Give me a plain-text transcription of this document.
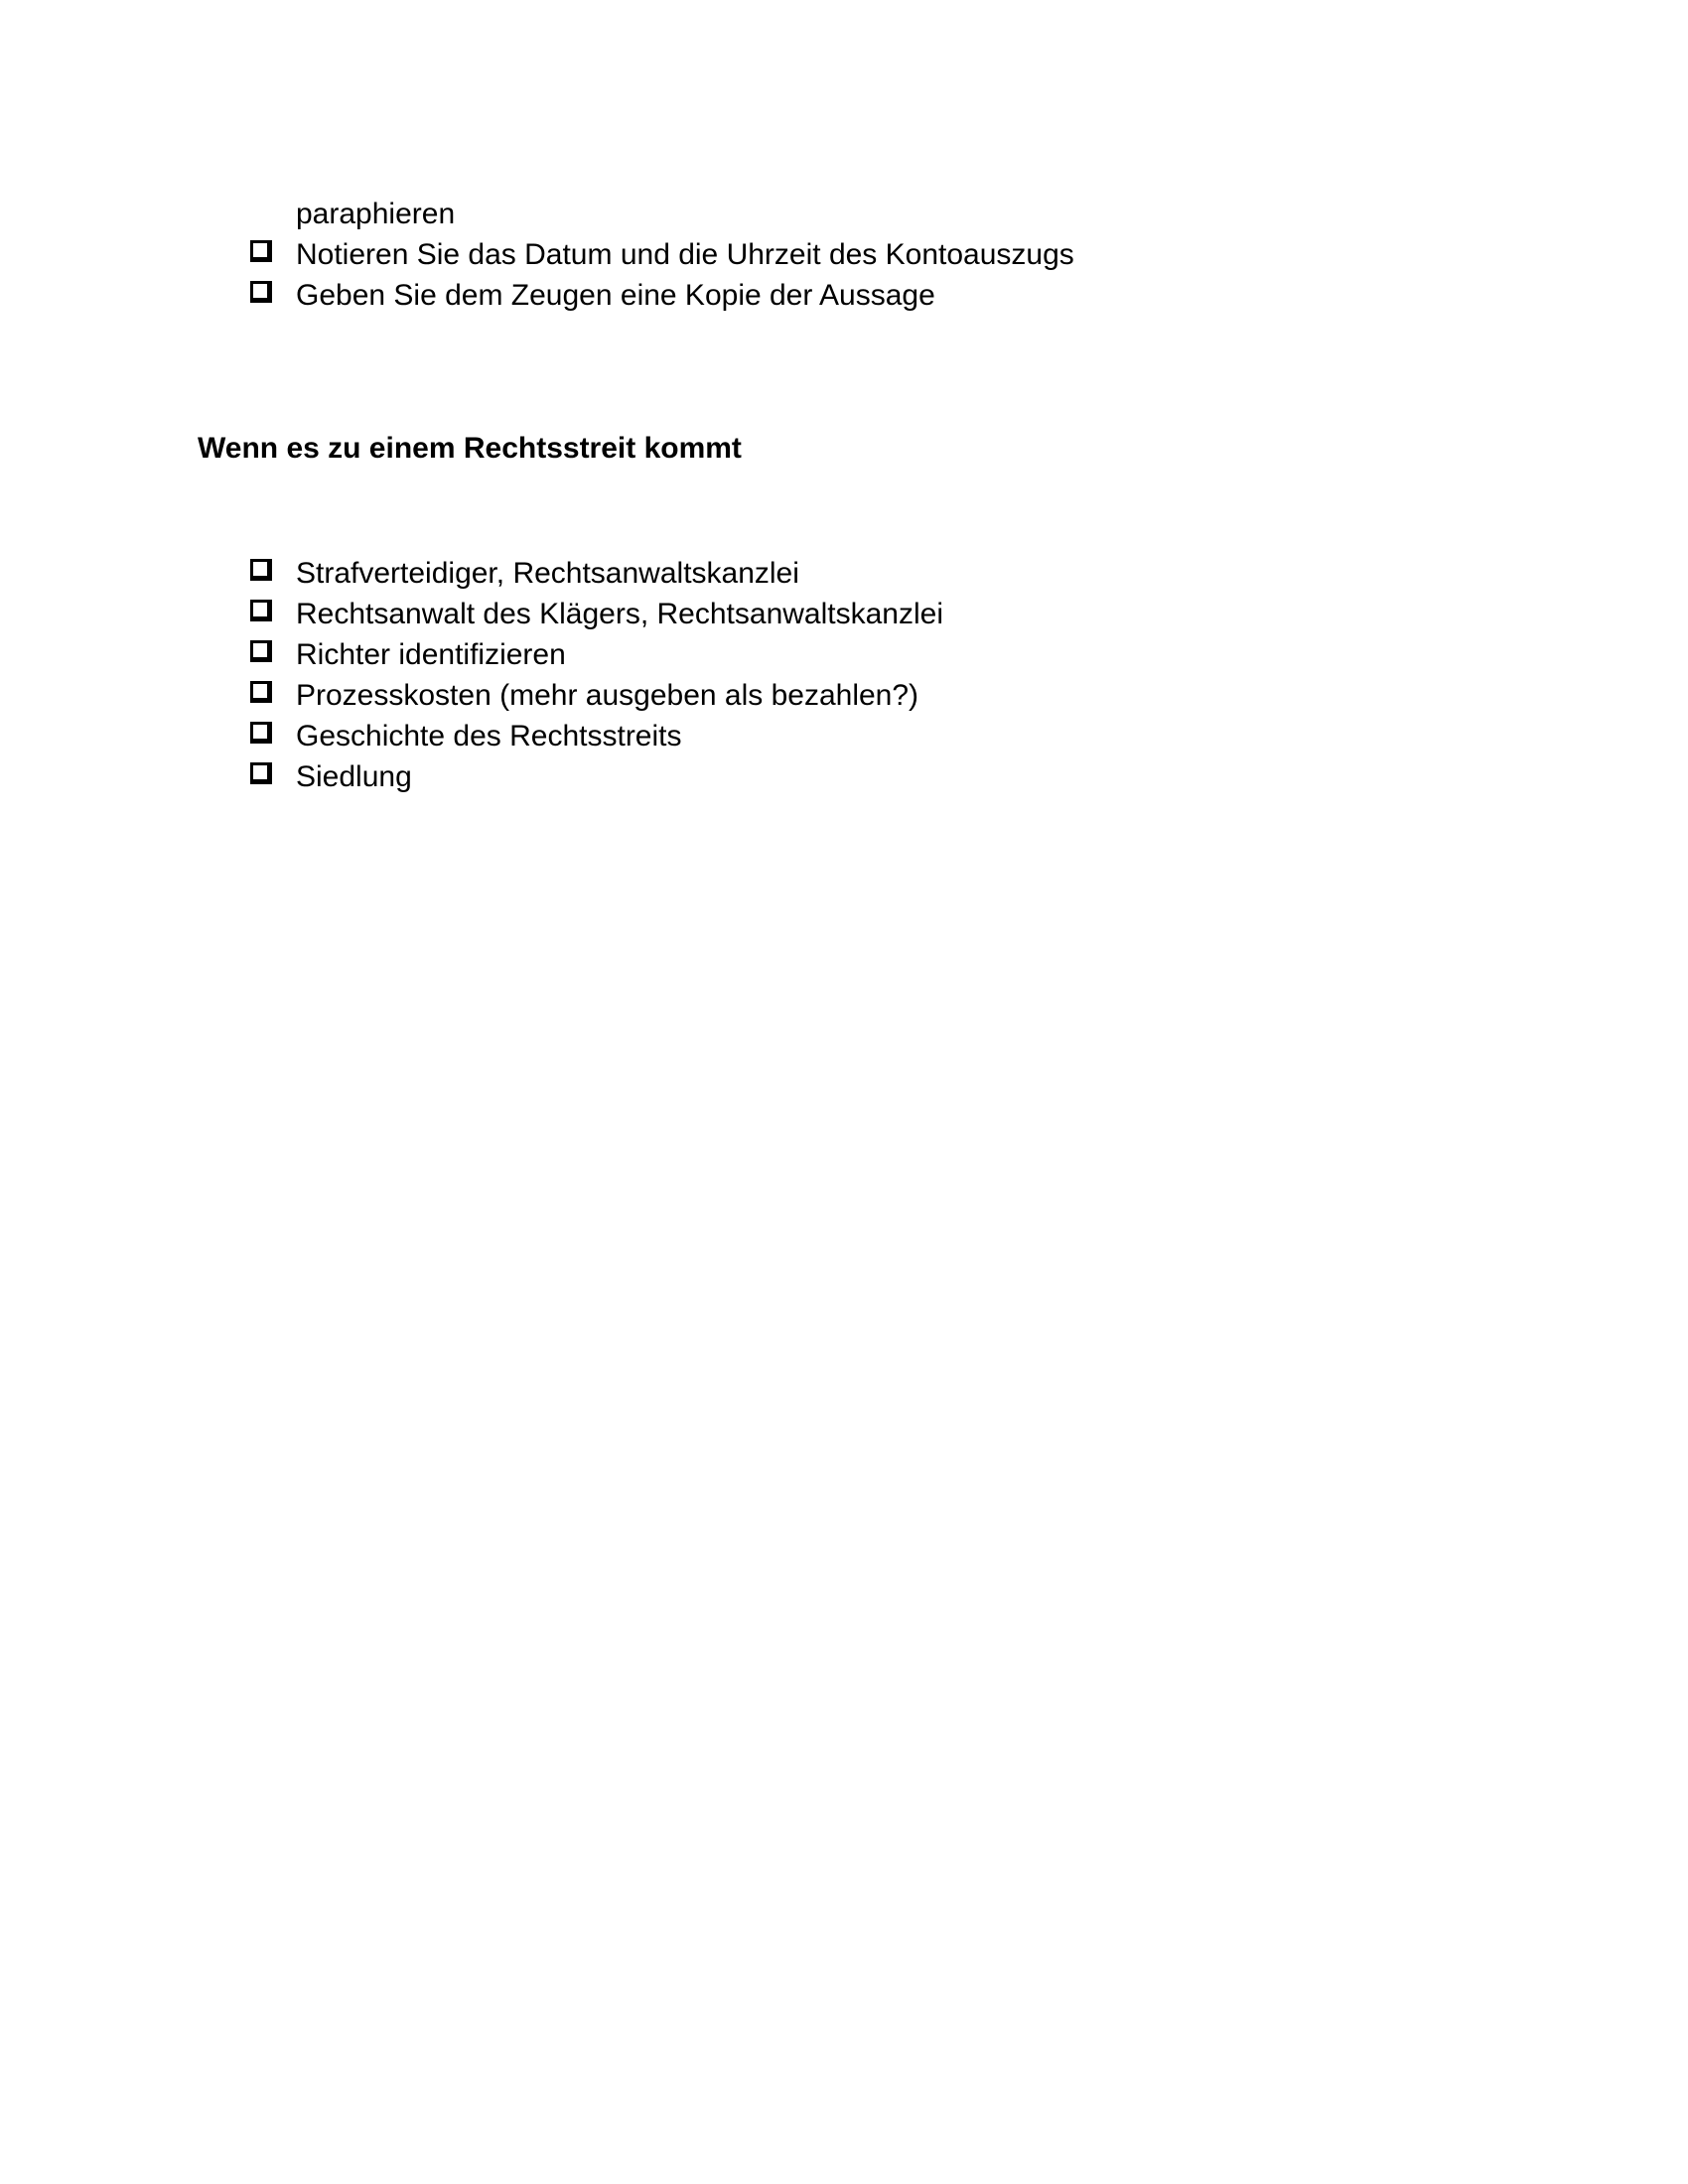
paraphieren
Notieren Sie das Datum und die Uhrzeit des Kontoauszugs
Geben Sie dem Zeugen eine Kopie der Aussage
Wenn es zu einem Rechtsstreit kommt
Strafverteidiger, Rechtsanwaltskanzlei
Rechtsanwalt des Klägers, Rechtsanwaltskanzlei
Richter identifizieren
Prozesskosten (mehr ausgeben als bezahlen?)
Geschichte des Rechtsstreits
Siedlung
